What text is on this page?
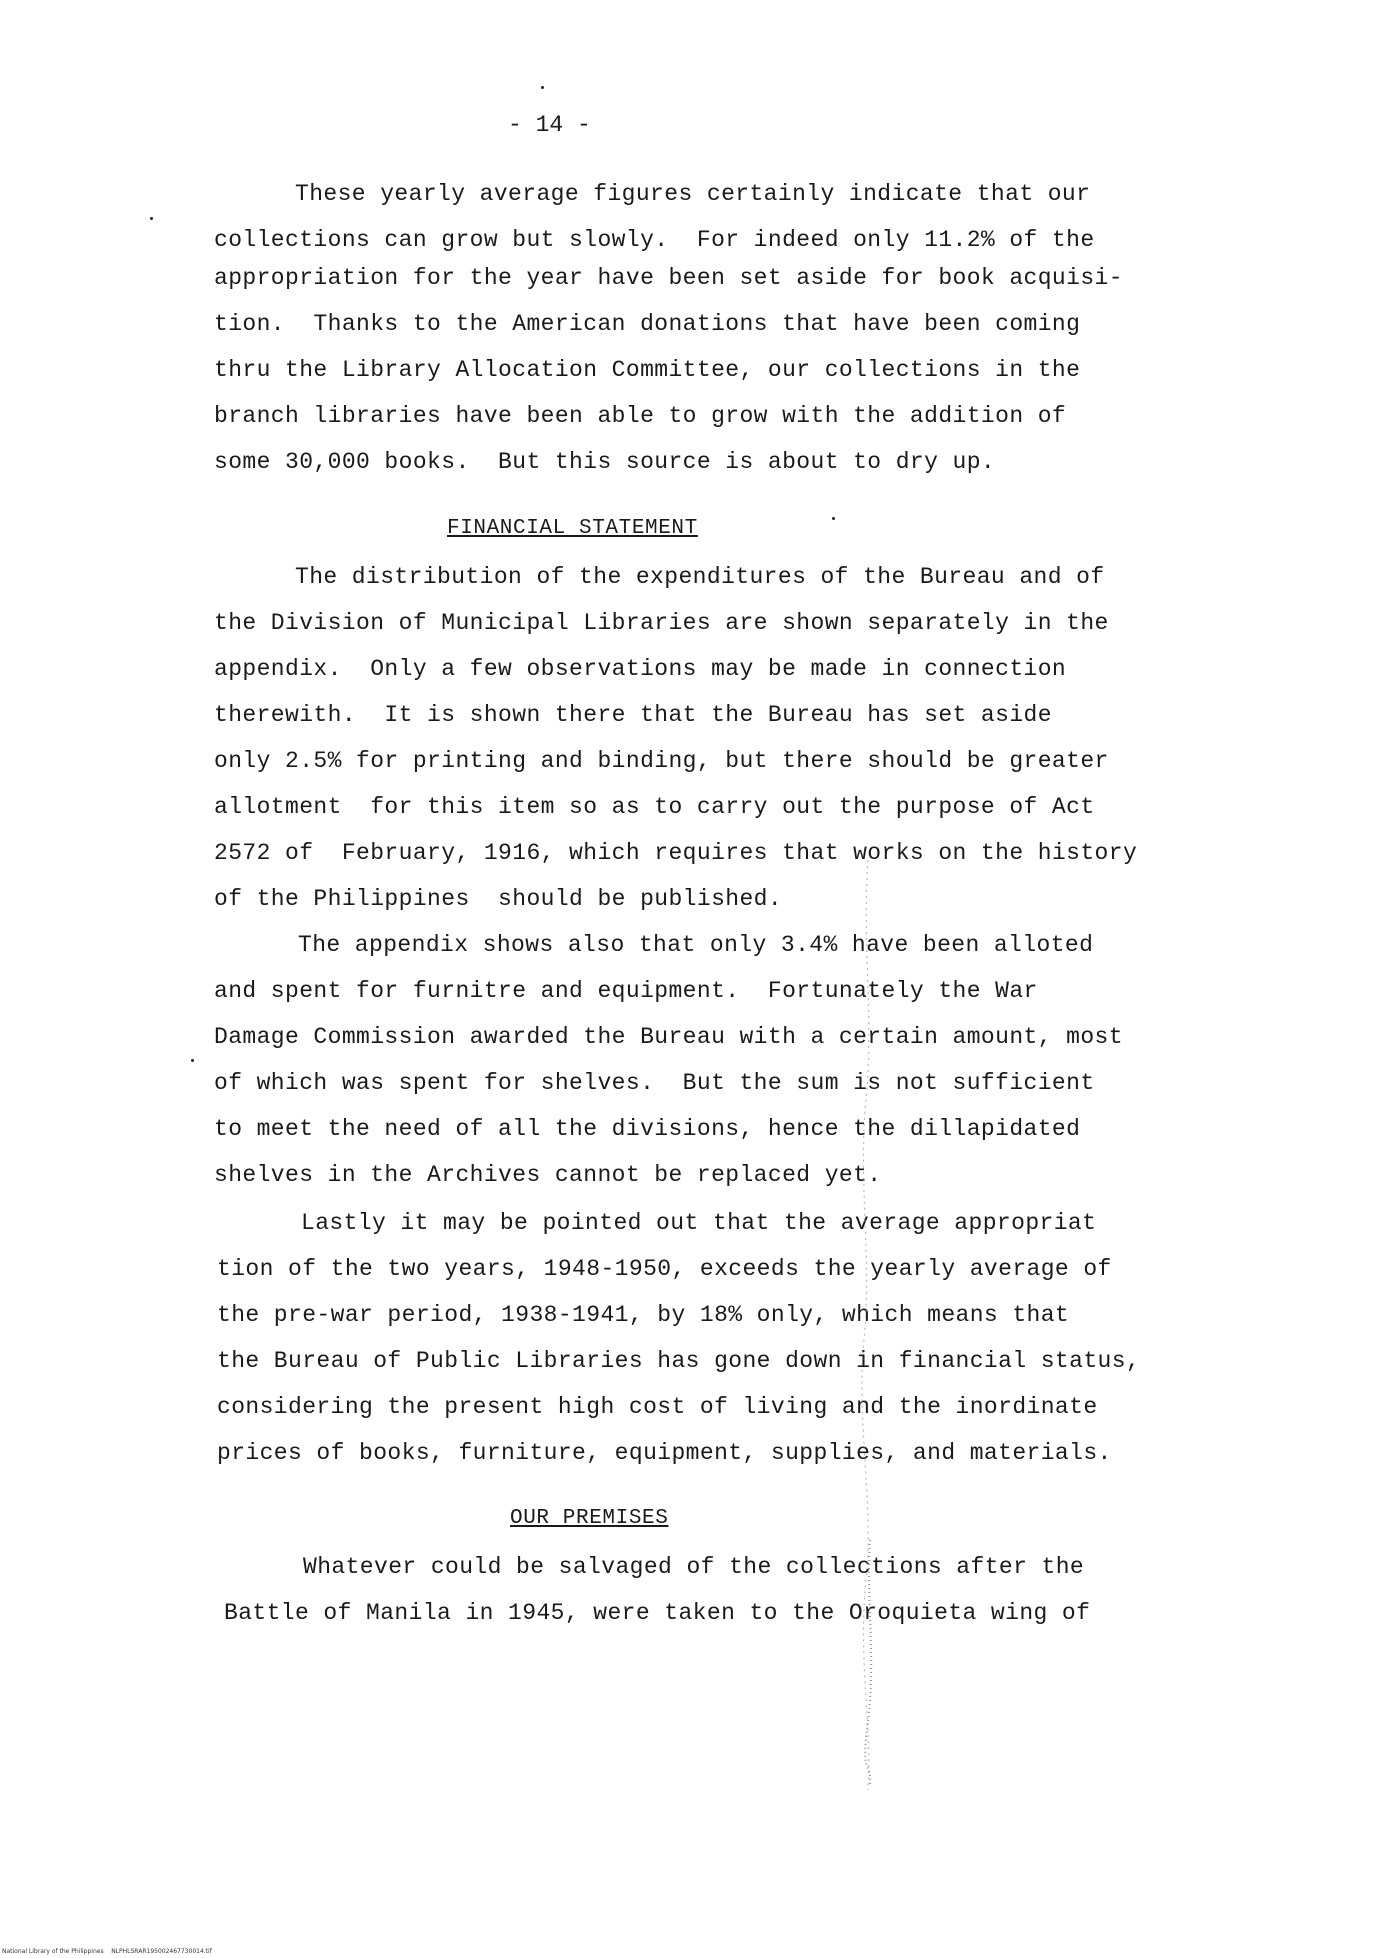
- 14 -
These yearly average figures certainly indicate that our
collections can grow but slowly.  For indeed only 11.2% of the
appropriation for the year have been set aside for book acquisi-
tion.  Thanks to the American donations that have been coming
thru the Library Allocation Committee, our collections in the
branch libraries have been able to grow with the addition of
some 30,000 books.  But this source is about to dry up.
FINANCIAL STATEMENT
The distribution of the expenditures of the Bureau and of
the Division of Municipal Libraries are shown separately in the
appendix.  Only a few observations may be made in connection
therewith.  It is shown there that the Bureau has set aside
only 2.5% for printing and binding, but there should be greater
allotment  for this item so as to carry out the purpose of Act
2572 of  February, 1916, which requires that works on the history
of the Philippines  should be published.
The appendix shows also that only 3.4% have been alloted
and spent for furnitre and equipment.  Fortunately the War
Damage Commission awarded the Bureau with a certain amount, most
of which was spent for shelves.  But the sum is not sufficient
to meet the need of all the divisions, hence the dillapidated
shelves in the Archives cannot be replaced yet.
Lastly it may be pointed out that the average appropriat
tion of the two years, 1948-1950, exceeds the yearly average of
the pre-war period, 1938-1941, by 18% only, which means that
the Bureau of Public Libraries has gone down in financial status,
considering the present high cost of living and the inordinate
prices of books, furniture, equipment, supplies, and materials.
OUR PREMISES
Whatever could be salvaged of the collections after the
Battle of Manila in 1945, were taken to the Oroquieta wing of
National Library of the Philippines    NLPHLSRAR195002467730014.tif
